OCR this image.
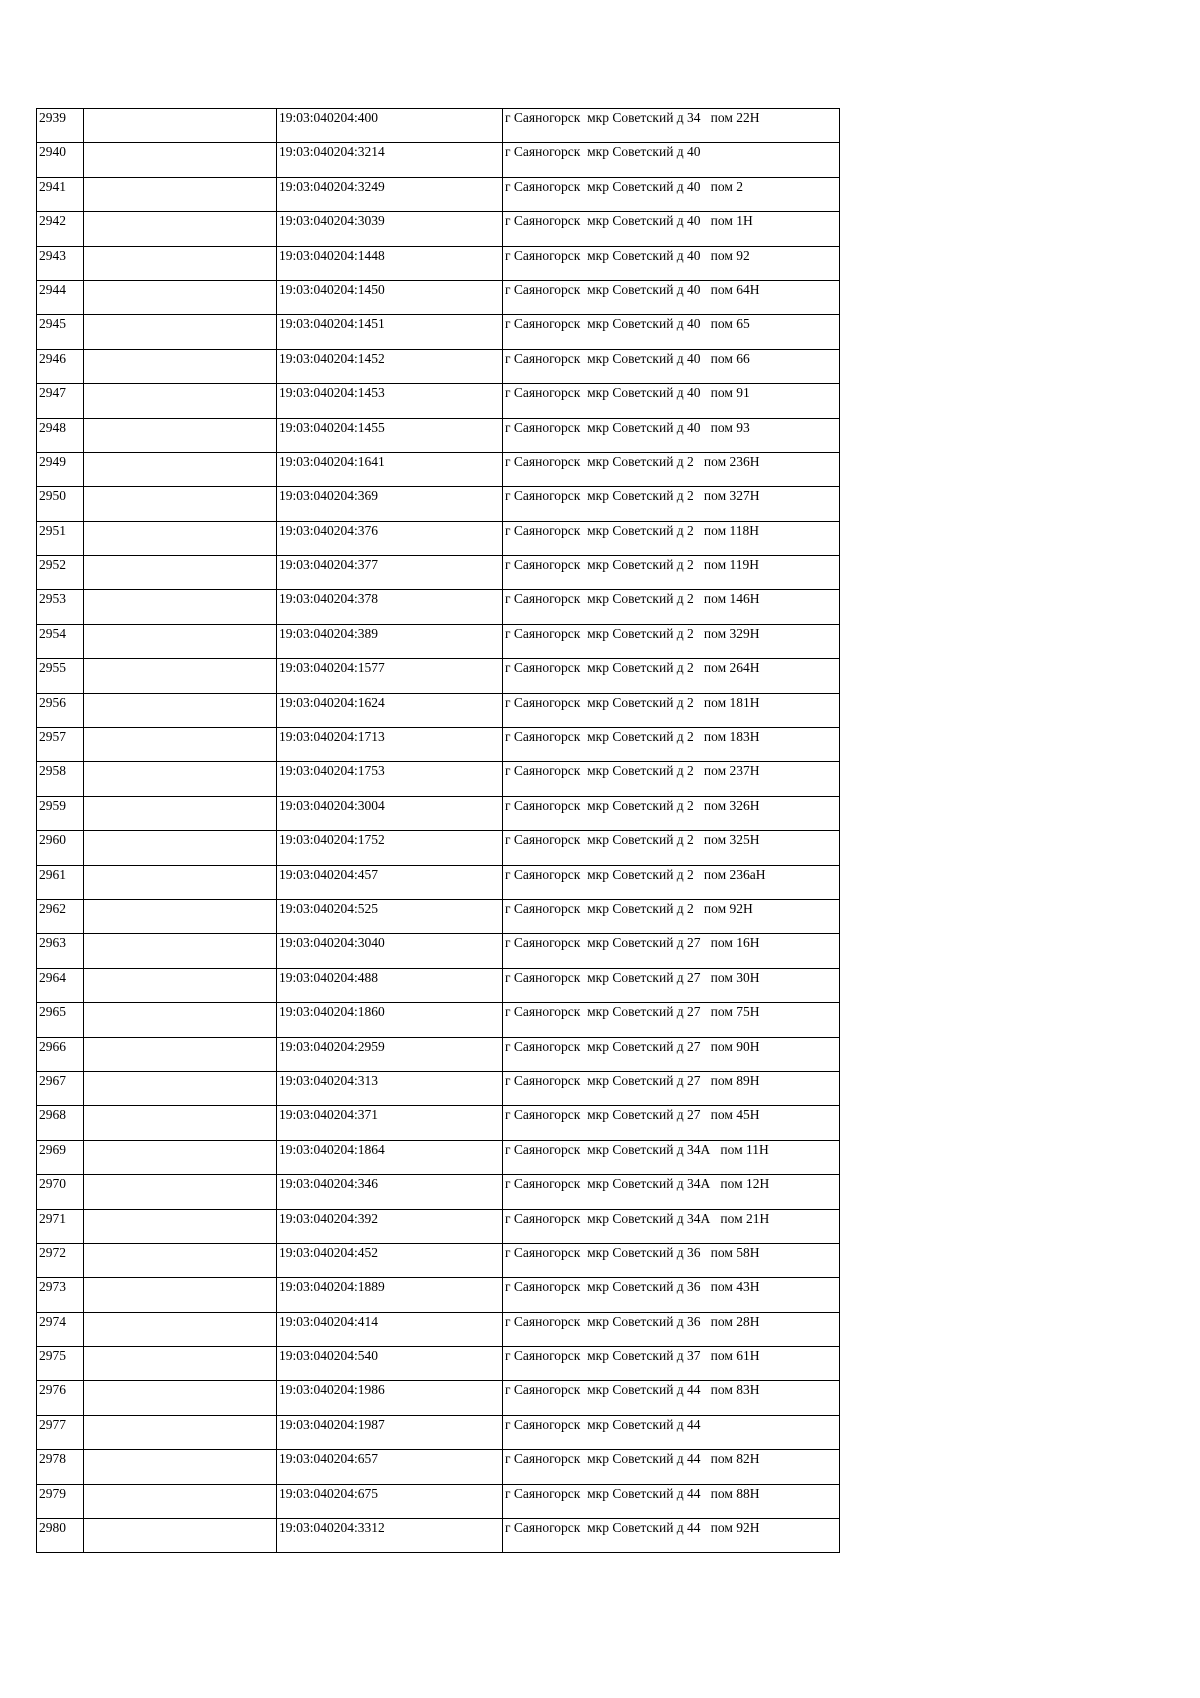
2939		19:03:040204:400	г Саяногорск  мкр Советский д 34   пом 22Н
2940		19:03:040204:3214	г Саяногорск  мкр Советский д 40
2941		19:03:040204:3249	г Саяногорск  мкр Советский д 40   пом 2
2942		19:03:040204:3039	г Саяногорск  мкр Советский д 40   пом 1Н
2943		19:03:040204:1448	г Саяногорск  мкр Советский д 40   пом 92
2944		19:03:040204:1450	г Саяногорск  мкр Советский д 40   пом 64Н
2945		19:03:040204:1451	г Саяногорск  мкр Советский д 40   пом 65
2946		19:03:040204:1452	г Саяногорск  мкр Советский д 40   пом 66
2947		19:03:040204:1453	г Саяногорск  мкр Советский д 40   пом 91
2948		19:03:040204:1455	г Саяногорск  мкр Советский д 40   пом 93
2949		19:03:040204:1641	г Саяногорск  мкр Советский д 2   пом 236Н
2950		19:03:040204:369	г Саяногорск  мкр Советский д 2   пом 327Н
2951		19:03:040204:376	г Саяногорск  мкр Советский д 2   пом 118Н
2952		19:03:040204:377	г Саяногорск  мкр Советский д 2   пом 119Н
2953		19:03:040204:378	г Саяногорск  мкр Советский д 2   пом 146Н
2954		19:03:040204:389	г Саяногорск  мкр Советский д 2   пом 329Н
2955		19:03:040204:1577	г Саяногорск  мкр Советский д 2   пом 264Н
2956		19:03:040204:1624	г Саяногорск  мкр Советский д 2   пом 181Н
2957		19:03:040204:1713	г Саяногорск  мкр Советский д 2   пом 183Н
2958		19:03:040204:1753	г Саяногорск  мкр Советский д 2   пом 237Н
2959		19:03:040204:3004	г Саяногорск  мкр Советский д 2   пом 326Н
2960		19:03:040204:1752	г Саяногорск  мкр Советский д 2   пом 325Н
2961		19:03:040204:457	г Саяногорск  мкр Советский д 2   пом 236аН
2962		19:03:040204:525	г Саяногорск  мкр Советский д 2   пом 92Н
2963		19:03:040204:3040	г Саяногорск  мкр Советский д 27   пом 16Н
2964		19:03:040204:488	г Саяногорск  мкр Советский д 27   пом 30Н
2965		19:03:040204:1860	г Саяногорск  мкр Советский д 27   пом 75Н
2966		19:03:040204:2959	г Саяногорск  мкр Советский д 27   пом 90Н
2967		19:03:040204:313	г Саяногорск  мкр Советский д 27   пом 89Н
2968		19:03:040204:371	г Саяногорск  мкр Советский д 27   пом 45Н
2969		19:03:040204:1864	г Саяногорск  мкр Советский д 34А   пом 11Н
2970		19:03:040204:346	г Саяногорск  мкр Советский д 34А   пом 12Н
2971		19:03:040204:392	г Саяногорск  мкр Советский д 34А   пом 21Н
2972		19:03:040204:452	г Саяногорск  мкр Советский д 36   пом 58Н
2973		19:03:040204:1889	г Саяногорск  мкр Советский д 36   пом 43Н
2974		19:03:040204:414	г Саяногорск  мкр Советский д 36   пом 28Н
2975		19:03:040204:540	г Саяногорск  мкр Советский д 37   пом 61Н
2976		19:03:040204:1986	г Саяногорск  мкр Советский д 44   пом 83Н
2977		19:03:040204:1987	г Саяногорск  мкр Советский д 44
2978		19:03:040204:657	г Саяногорск  мкр Советский д 44   пом 82Н
2979		19:03:040204:675	г Саяногорск  мкр Советский д 44   пом 88Н
2980		19:03:040204:3312	г Саяногорск  мкр Советский д 44   пом 92Н
